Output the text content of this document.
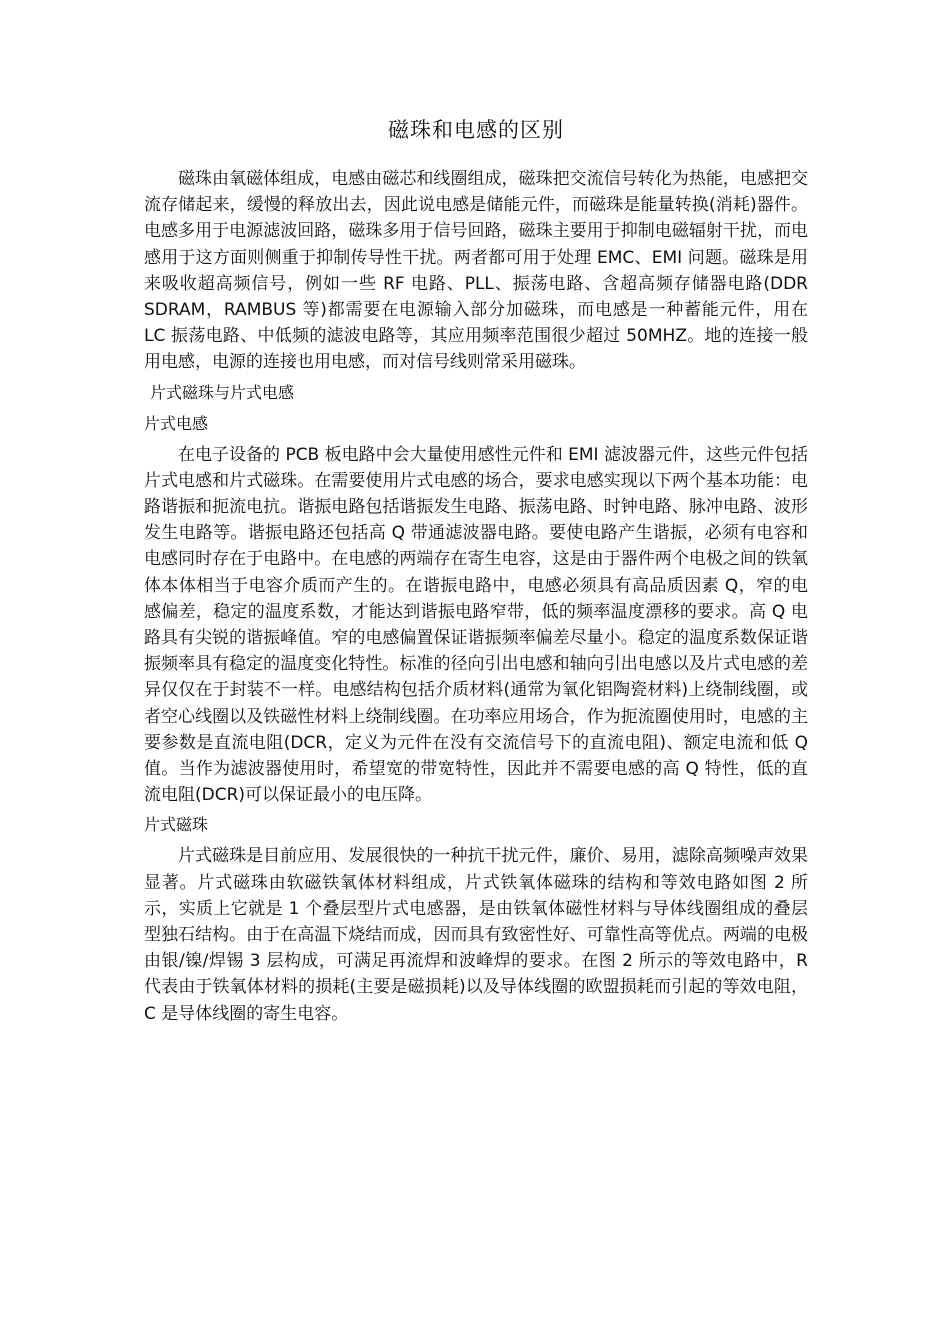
磁珠和电感的区别

磁珠由氧磁体组成，电感由磁芯和线圈组成，磁珠把交流信号转化为热能，电感把交流存储起来，缓慢的释放出去，因此说电感是储能元件，而磁珠是能量转换(消耗)器件。电感多用于电源滤波回路，磁珠多用于信号回路，磁珠主要用于抑制电磁辐射干扰，而电感用于这方面则侧重于抑制传导性干扰。两者都可用于处理 EMC、EMI 问题。磁珠是用来吸收超高频信号，例如一些 RF 电路、PLL、振荡电路、含超高频存储器电路(DDR SDRAM，RAMBUS 等)都需要在电源输入部分加磁珠，而电感是一种蓄能元件，用在 LC 振荡电路、中低频的滤波电路等，其应用频率范围很少超过 50MHZ。地的连接一般用电感，电源的连接也用电感，而对信号线则常采用磁珠。

片式磁珠与片式电感
片式电感

在电子设备的 PCB 板电路中会大量使用感性元件和 EMI 滤波器元件，这些元件包括片式电感和片式磁珠。在需要使用片式电感的场合，要求电感实现以下两个基本功能：电路谐振和扼流电抗。谐振电路包括谐振发生电路、振荡电路、时钟电路、脉冲电路、波形发生电路等。谐振电路还包括高 Q 带通滤波器电路。要使电路产生谐振，必须有电容和电感同时存在于电路中。在电感的两端存在寄生电容，这是由于器件两个电极之间的铁氧体本体相当于电容介质而产生的。在谐振电路中，电感必须具有高品质因素 Q，窄的电感偏差，稳定的温度系数，才能达到谐振电路窄带，低的频率温度漂移的要求。高 Q 电路具有尖锐的谐振峰值。窄的电感偏置保证谐振频率偏差尽量小。稳定的温度系数保证谐振频率具有稳定的温度变化特性。标准的径向引出电感和轴向引出电感以及片式电感的差异仅仅在于封装不一样。电感结构包括介质材料(通常为氧化铝陶瓷材料)上绕制线圈，或者空心线圈以及铁磁性材料上绕制线圈。在功率应用场合，作为扼流圈使用时，电感的主要参数是直流电阻(DCR，定义为元件在没有交流信号下的直流电阻)、额定电流和低 Q 值。当作为滤波器使用时，希望宽的带宽特性，因此并不需要电感的高 Q 特性，低的直流电阻(DCR)可以保证最小的电压降。

片式磁珠

片式磁珠是目前应用、发展很快的一种抗干扰元件，廉价、易用，滤除高频噪声效果显著。片式磁珠由软磁铁氧体材料组成，片式铁氧体磁珠的结构和等效电路如图 2 所示，实质上它就是 1 个叠层型片式电感器，是由铁氧体磁性材料与导体线圈组成的叠层型独石结构。由于在高温下烧结而成，因而具有致密性好、可靠性高等优点。两端的电极由银/镍/焊锡 3 层构成，可满足再流焊和波峰焊的要求。在图 2 所示的等效电路中，R 代表由于铁氧体材料的损耗(主要是磁损耗)以及导体线圈的欧盟损耗而引起的等效电阻，C 是导体线圈的寄生电容。
